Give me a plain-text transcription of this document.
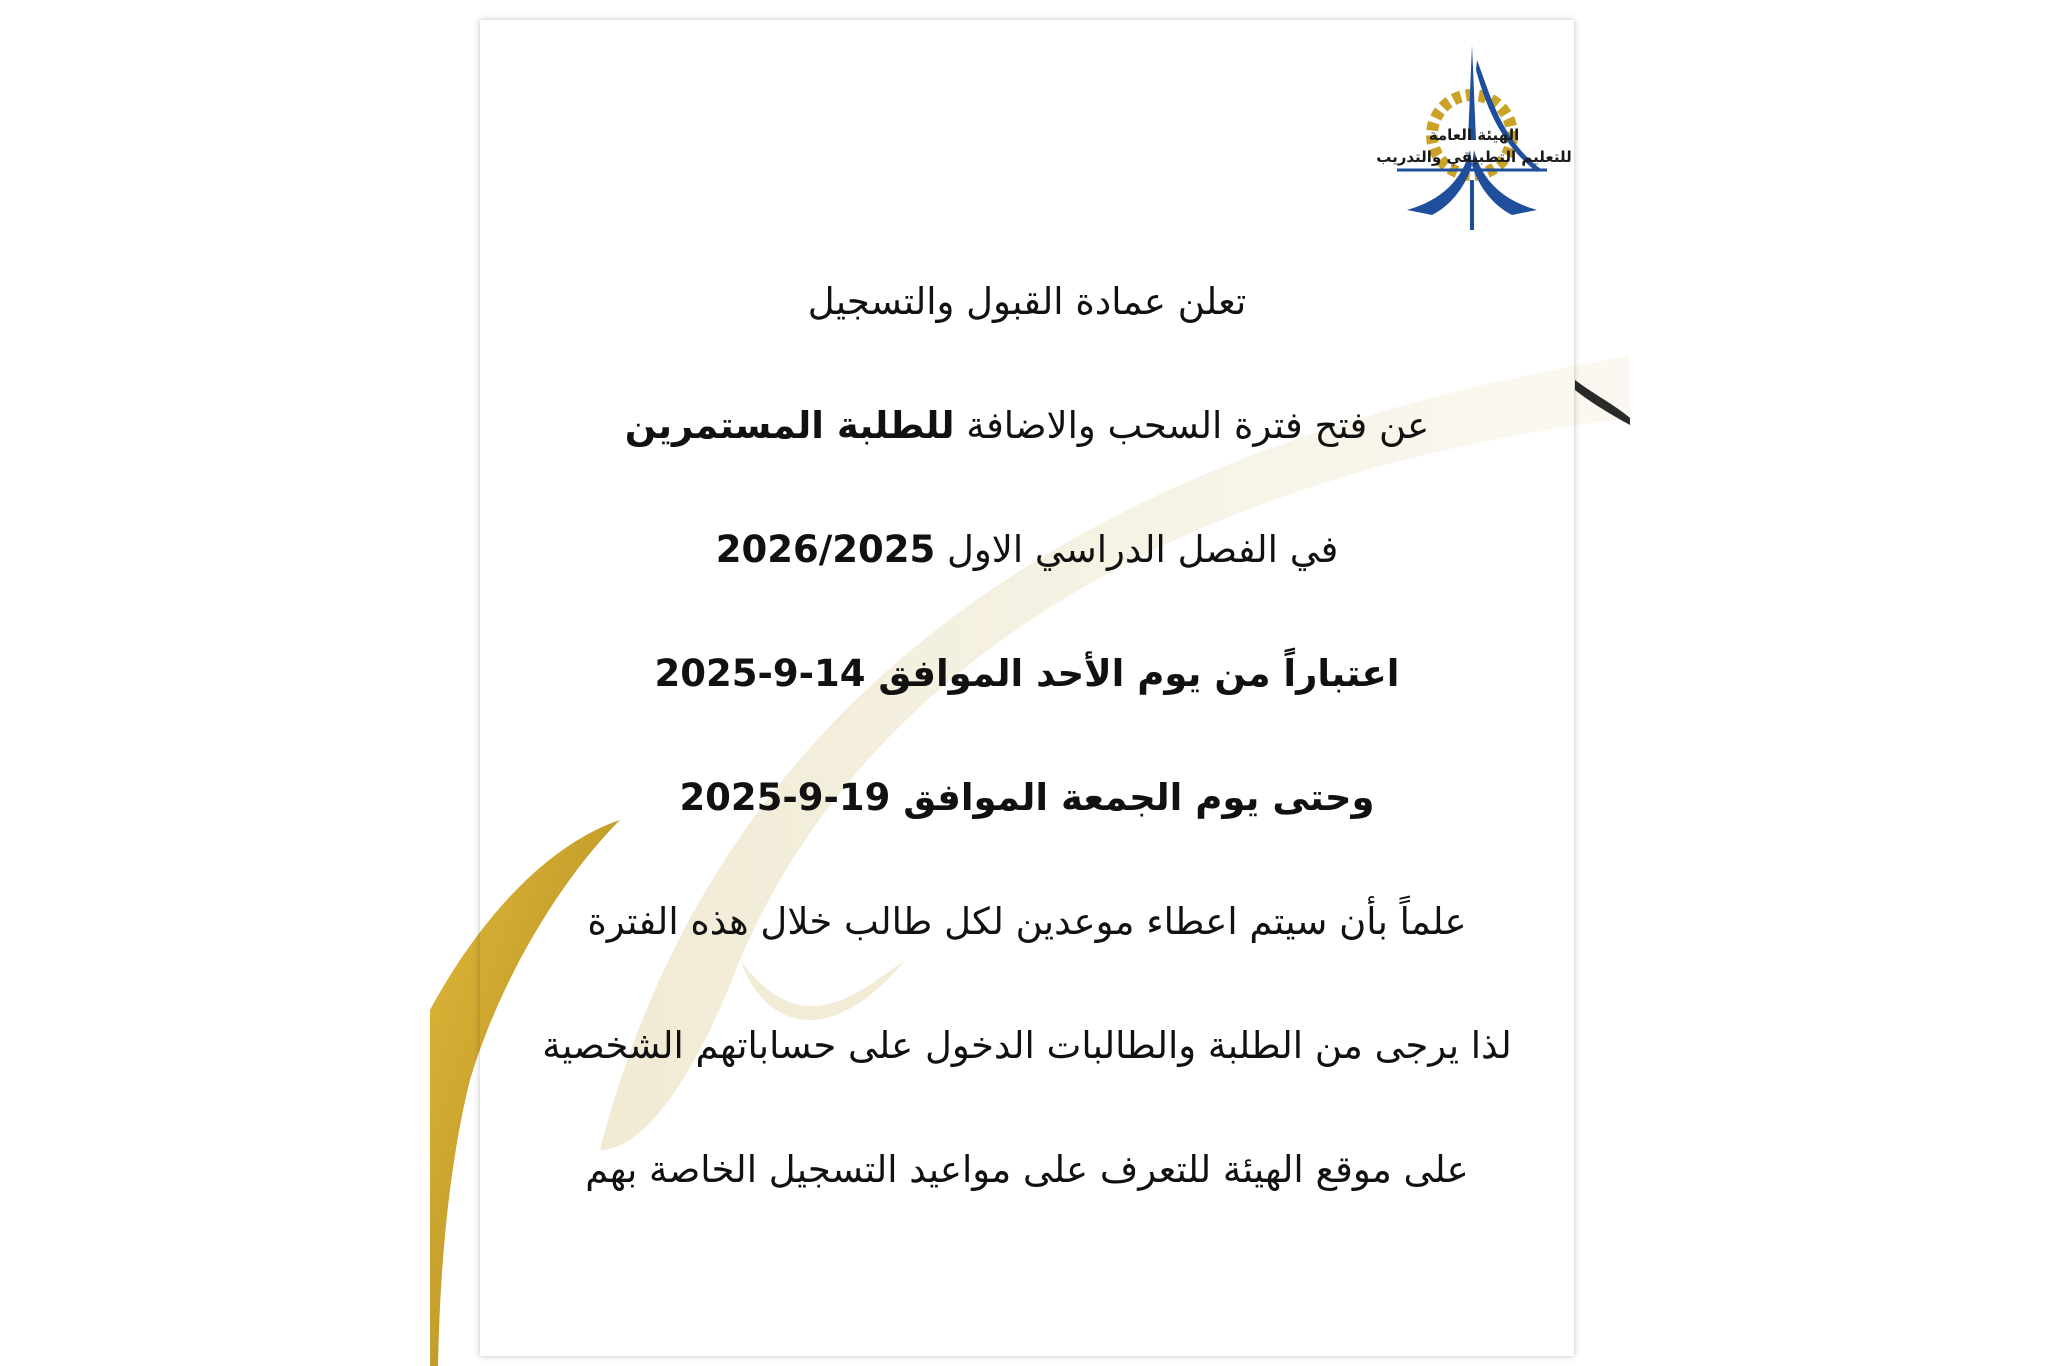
الهيئة العامة
للتعليم التطبيقي والتدريب
تعلن عمادة القبول والتسجيل
عن فتح فترة السحب والاضافة للطلبة المستمرين
في الفصل الدراسي الاول 2026/2025
اعتباراً من يوم الأحد الموافق 14-9-2025
وحتى يوم الجمعة الموافق 19-9-2025
علماً بأن سيتم اعطاء موعدين لكل طالب خلال هذه الفترة
لذا يرجى من الطلبة والطالبات الدخول على حساباتهم الشخصية
على موقع الهيئة للتعرف على مواعيد التسجيل الخاصة بهم
